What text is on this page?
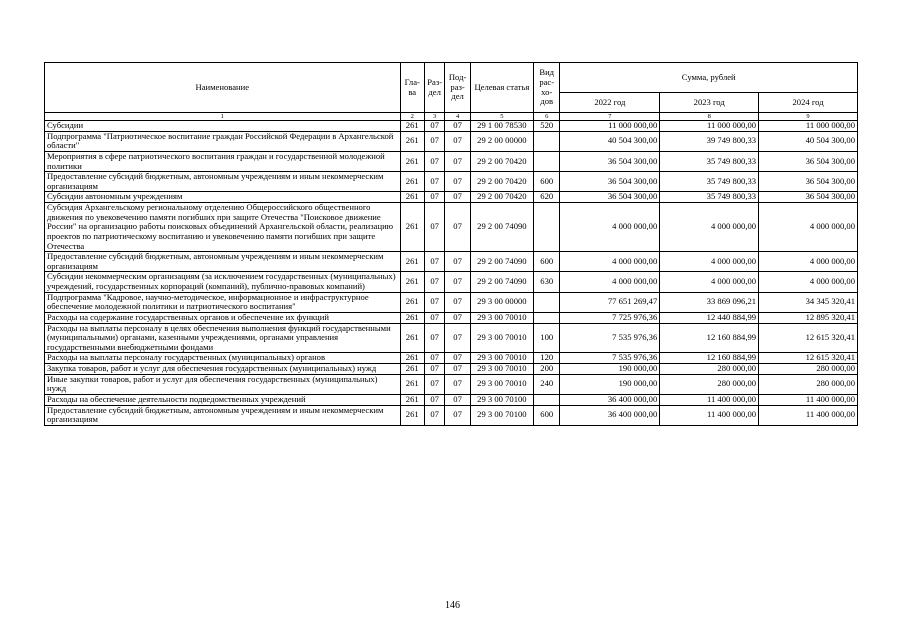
Наименование	Гла-ва	Раз-дел	Под-раз-дел	Целевая статья	Вид рас-хо-дов	Сумма, рублей		
						2022 год	2023 год	2024 год
1	2	3	4	5	6	7	8	9
Субсидии	261	07	07	29 1 00 78530	520	11 000 000,00	11 000 000,00	11 000 000,00
Подпрограмма "Патриотическое воспитание граждан Российской Федерации в Архангельской области"	261	07	07	29 2 00 00000		40 504 300,00	39 749 800,33	40 504 300,00
Мероприятия в сфере патриотического воспитания граждан и государственной молодежной политики	261	07	07	29 2 00 70420		36 504 300,00	35 749 800,33	36 504 300,00
Предоставление субсидий бюджетным, автономным учреждениям и иным некоммерческим организациям	261	07	07	29 2 00 70420	600	36 504 300,00	35 749 800,33	36 504 300,00
Субсидии автономным учреждениям	261	07	07	29 2 00 70420	620	36 504 300,00	35 749 800,33	36 504 300,00
Субсидия Архангельскому региональному отделению Общероссийского общественного движения по увековечению памяти погибших при защите Отечества "Поисковое движение России" на организацию работы поисковых объединений Архангельской области, реализацию проектов по патриотическому воспитанию и увековечению памяти погибших при защите Отечества	261	07	07	29 2 00 74090		4 000 000,00	4 000 000,00	4 000 000,00
Предоставление субсидий бюджетным, автономным учреждениям и иным некоммерческим организациям	261	07	07	29 2 00 74090	600	4 000 000,00	4 000 000,00	4 000 000,00
Субсидии некоммерческим организациям (за исключением государственных (муниципальных) учреждений, государственных корпораций (компаний), публично-правовых компаний)	261	07	07	29 2 00 74090	630	4 000 000,00	4 000 000,00	4 000 000,00
Подпрограмма "Кадровое, научно-методическое, информационное и инфраструктурное обеспечение молодежной политики и патриотического воспитания"	261	07	07	29 3 00 00000		77 651 269,47	33 869 096,21	34 345 320,41
Расходы на содержание государственных органов и обеспечение их функций	261	07	07	29 3 00 70010		7 725 976,36	12 440 884,99	12 895 320,41
Расходы на выплаты персоналу в целях обеспечения выполнения функций государственными (муниципальными) органами, казенными учреждениями, органами управления государственными внебюджетными фондами	261	07	07	29 3 00 70010	100	7 535 976,36	12 160 884,99	12 615 320,41
Расходы на выплаты персоналу государственных (муниципальных) органов	261	07	07	29 3 00 70010	120	7 535 976,36	12 160 884,99	12 615 320,41
Закупка товаров, работ и услуг для обеспечения государственных (муниципальных) нужд	261	07	07	29 3 00 70010	200	190 000,00	280 000,00	280 000,00
Иные закупки товаров, работ и услуг для обеспечения государственных (муниципальных) нужд	261	07	07	29 3 00 70010	240	190 000,00	280 000,00	280 000,00
Расходы на обеспечение деятельности подведомственных учреждений	261	07	07	29 3 00 70100		36 400 000,00	11 400 000,00	11 400 000,00
Предоставление субсидий бюджетным, автономным учреждениям и иным некоммерческим организациям	261	07	07	29 3 00 70100	600	36 400 000,00	11 400 000,00	11 400 000,00
146
